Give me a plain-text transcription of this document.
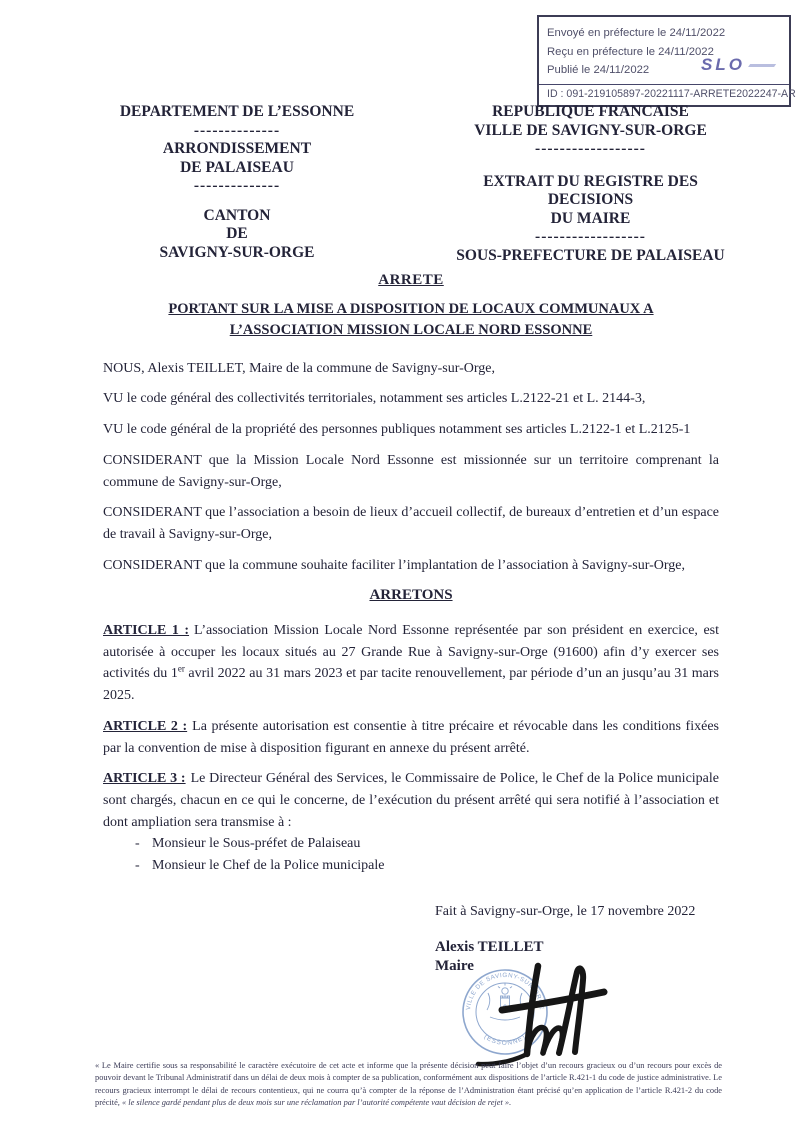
Envoyé en préfecture le 24/11/2022
Reçu en préfecture le 24/11/2022
Publié le 24/11/2022	SLO
ID : 091-219105897-20221117-ARRETE2022247-AR
DEPARTEMENT DE L’ESSONNE
--------------
ARRONDISSEMENT
DE PALAISEAU
--------------
CANTON
DE
SAVIGNY-SUR-ORGE
REPUBLIQUE FRANCAISE
VILLE DE SAVIGNY-SUR-ORGE
------------------
EXTRAIT DU REGISTRE DES
DECISIONS
DU MAIRE
------------------
SOUS-PREFECTURE DE PALAISEAU
ARRETE
PORTANT SUR LA MISE A DISPOSITION DE LOCAUX COMMUNAUX A
L’ASSOCIATION MISSION LOCALE NORD ESSONNE

NOUS, Alexis TEILLET, Maire de la commune de Savigny-sur-Orge,

VU le code général des collectivités territoriales, notamment ses articles L.2122-21 et L. 2144-3,

VU le code général de la propriété des personnes publiques notamment ses articles L.2122-1 et L.2125-1

CONSIDERANT que la Mission Locale Nord Essonne est missionnée sur un territoire comprenant la commune de Savigny-sur-Orge,

CONSIDERANT que l’association a besoin de lieux d’accueil collectif, de bureaux d’entretien et d’un espace de travail à Savigny-sur-Orge,

CONSIDERANT que la commune souhaite faciliter l’implantation de l’association à Savigny-sur-Orge,

ARRETONS

ARTICLE 1 : L’association Mission Locale Nord Essonne représentée par son président en exercice, est autorisée à occuper les locaux situés au 27 Grande Rue à Savigny-sur-Orge (91600) afin d’y exercer ses activités du 1er avril 2022 au 31 mars 2023 et par tacite renouvellement, par période d’un an jusqu’au 31 mars 2025.

ARTICLE 2 : La présente autorisation est consentie à titre précaire et révocable dans les conditions fixées par la convention de mise à disposition figurant en annexe du présent arrêté.

ARTICLE 3 : Le Directeur Général des Services, le Commissaire de Police, le Chef de la Police municipale sont chargés, chacun en ce qui le concerne, de l’exécution du présent arrêté qui sera notifié à l’association et dont ampliation sera transmise à :

- Monsieur le Sous-préfet de Palaiseau
- Monsieur le Chef de la Police municipale
Fait à Savigny-sur-Orge, le 17 novembre 2022
Alexis TEILLET
Maire
VILLE DE SAVIGNY-SUR-ORGE
(ESSONNE)
« Le Maire certifie sous sa responsabilité le caractère exécutoire de cet acte et informe que la présente décision peut faire l’objet d’un recours gracieux ou d’un recours pour excès de pouvoir devant le Tribunal Administratif dans un délai de deux mois à compter de sa publication, conformément aux dispositions de l’article R.421-1 du code de justice administrative. Le recours gracieux interrompt le délai de recours contentieux, qui ne courra qu’à compter de la réponse de l’Administration étant précisé qu’en application de l’article R.421-2 du code précité, « le silence gardé pendant plus de deux mois sur une réclamation par l’autorité compétente vaut décision de rejet ».
